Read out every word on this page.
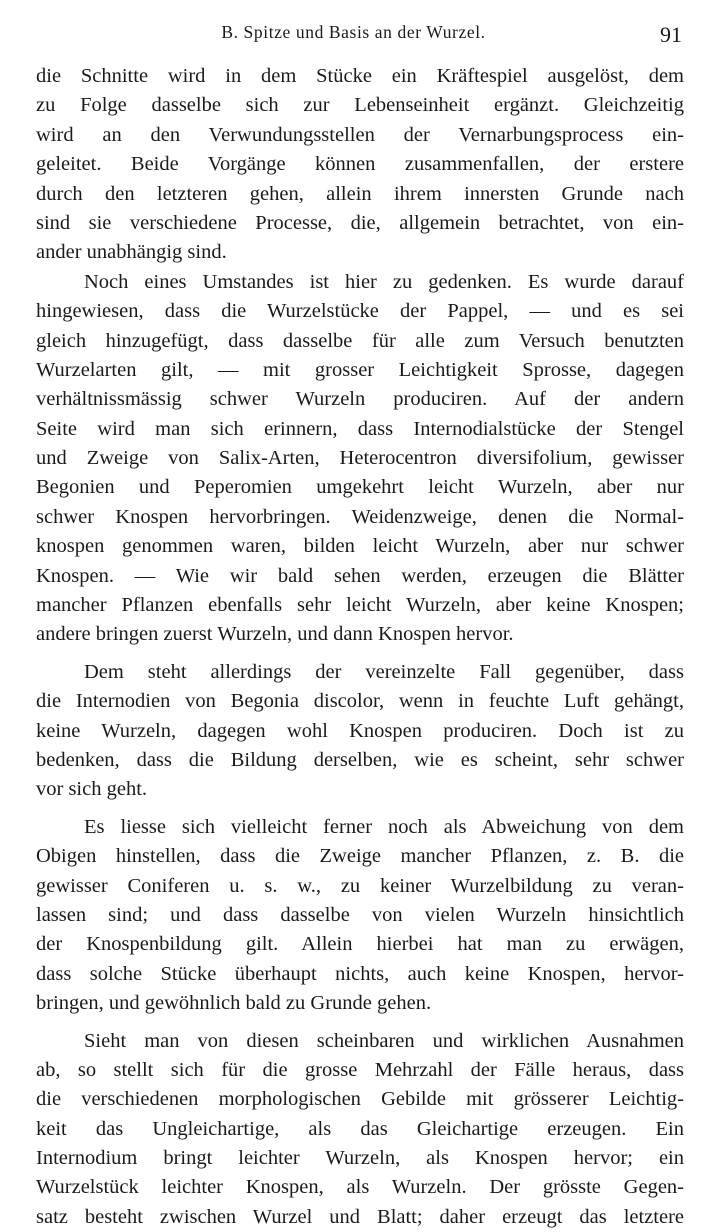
B. Spitze und Basis an der Wurzel.	91
die Schnitte wird in dem Stücke ein Kräftespiel ausgelöst, dem
zu Folge dasselbe sich zur Lebenseinheit ergänzt. Gleichzeitig
wird an den Verwundungsstellen der Vernarbungsprocess ein-
geleitet. Beide Vorgänge können zusammenfallen, der erstere
durch den letzteren gehen, allein ihrem innersten Grunde nach
sind sie verschiedene Processe, die, allgemein betrachtet, von ein-
ander unabhängig sind.
Noch eines Umstandes ist hier zu gedenken. Es wurde darauf
hingewiesen, dass die Wurzelstücke der Pappel, — und es sei
gleich hinzugefügt, dass dasselbe für alle zum Versuch benutzten
Wurzelarten gilt, — mit grosser Leichtigkeit Sprosse, dagegen
verhältnissmässig schwer Wurzeln produciren. Auf der andern
Seite wird man sich erinnern, dass Internodialstücke der Stengel
und Zweige von Salix-Arten, Heterocentron diversifolium, gewisser
Begonien und Peperomien umgekehrt leicht Wurzeln, aber nur
schwer Knospen hervorbringen. Weidenzweige, denen die Normal-
knospen genommen waren, bilden leicht Wurzeln, aber nur schwer
Knospen. — Wie wir bald sehen werden, erzeugen die Blätter
mancher Pflanzen ebenfalls sehr leicht Wurzeln, aber keine Knospen;
andere bringen zuerst Wurzeln, und dann Knospen hervor.
Dem steht allerdings der vereinzelte Fall gegenüber, dass
die Internodien von Begonia discolor, wenn in feuchte Luft gehängt,
keine Wurzeln, dagegen wohl Knospen produciren. Doch ist zu
bedenken, dass die Bildung derselben, wie es scheint, sehr schwer
vor sich geht.
Es liesse sich vielleicht ferner noch als Abweichung von dem
Obigen hinstellen, dass die Zweige mancher Pflanzen, z. B. die
gewisser Coniferen u. s. w., zu keiner Wurzelbildung zu veran-
lassen sind; und dass dasselbe von vielen Wurzeln hinsichtlich
der Knospenbildung gilt. Allein hierbei hat man zu erwägen,
dass solche Stücke überhaupt nichts, auch keine Knospen, hervor-
bringen, und gewöhnlich bald zu Grunde gehen.
Sieht man von diesen scheinbaren und wirklichen Ausnahmen
ab, so stellt sich für die grosse Mehrzahl der Fälle heraus, dass
die verschiedenen morphologischen Gebilde mit grösserer Leichtig-
keit das Ungleichartige, als das Gleichartige erzeugen. Ein
Internodium bringt leichter Wurzeln, als Knospen hervor; ein
Wurzelstück leichter Knospen, als Wurzeln. Der grösste Gegen-
satz besteht zwischen Wurzel und Blatt; daher erzeugt das letztere
